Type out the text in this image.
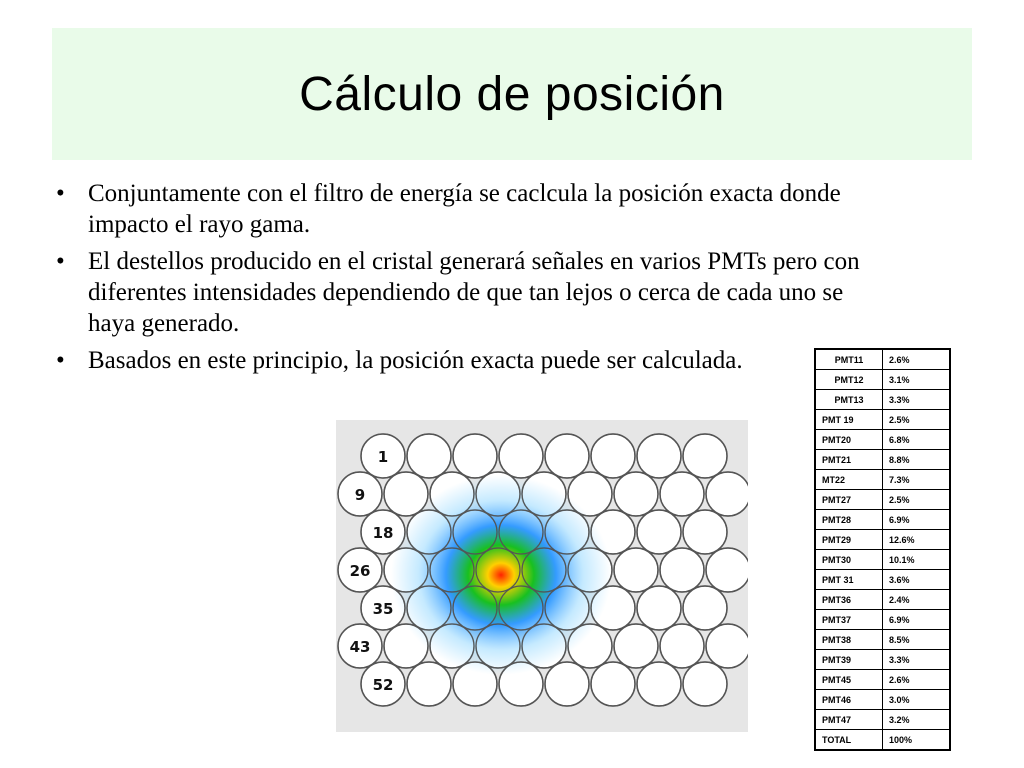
Cálculo de posición
• Conjuntamente con el filtro de energía se caclcula la posición exacta donde impacto el rayo gama.
• El destellos producido en el cristal generará señales en varios PMTs pero con diferentes intensidades dependiendo de que tan lejos o cerca de cada uno se haya generado.
• Basados en este principio, la posición exacta puede ser calculada.	PMT11	2.6%
PMT12	3.1%
PMT13	3.3%
PMT 19	2.5%
PMT20	6.8%
PMT21	8.8%
MT22	7.3%
PMT27	2.5%
PMT28	6.9%
PMT29	12.6%
PMT30	10.1%
PMT 31	3.6%
PMT36	2.4%
PMT37	6.9%
PMT38	8.5%
PMT39	3.3%
PMT45	2.6%
PMT46	3.0%
PMT47	3.2%
TOTAL	100%
1
9
18
26
35
43
52
